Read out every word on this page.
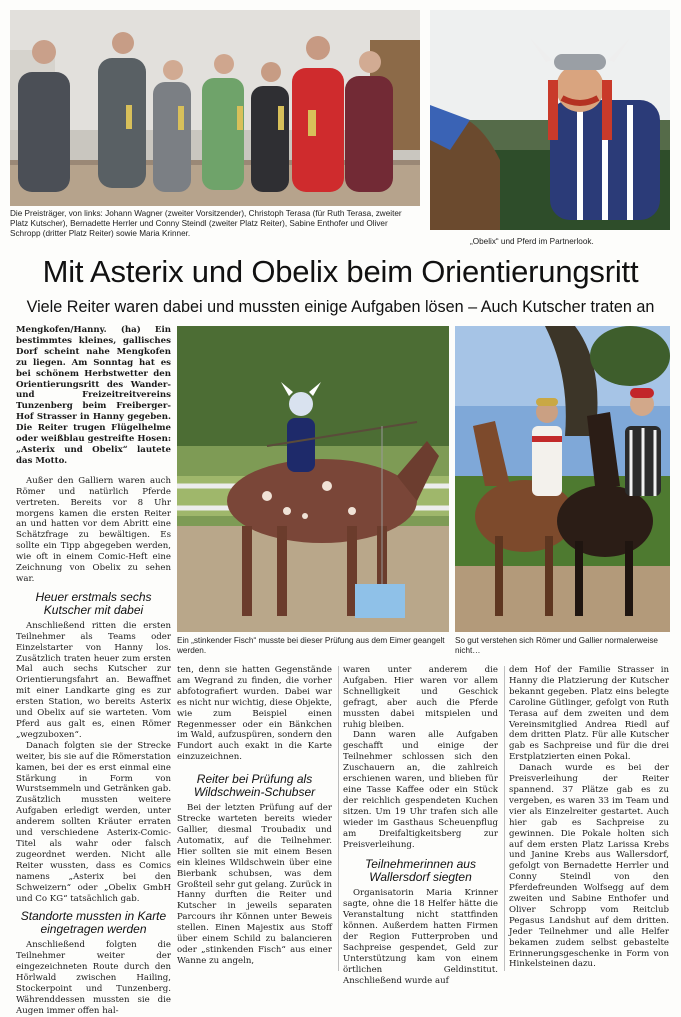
Die Preisträger, von links: Johann Wagner (zweiter Vorsitzender), Christoph Terasa (für Ruth Terasa, zweiter Platz Kutscher), Bernadette Herrler und Conny Steindl (zweiter Platz Reiter), Sabine Enthofer und Oliver Schropp (dritter Platz Reiter) sowie Maria Krinner.
„Obelix“ und Pferd im Partnerlook.
Mit Asterix und Obelix beim Orientierungsritt
Viele Reiter waren dabei und mussten einige Aufgaben lösen – Auch Kutscher traten an

Mengkofen/Hanny. (ha) Ein bestimmtes kleines, gallisches Dorf scheint nahe Mengkofen zu liegen. Am Sonntag hat es bei schönem Herbstwetter den Orientierungsritt des Wander- und Freizeitreitvereins Tunzenberg beim Freiberger-Hof Strasser in Hanny gegeben. Die Reiter trugen Flügelhelme oder weißblau gestreifte Hosen: „Asterix und Obelix“ lautete das Motto.

Außer den Galliern waren auch Römer und natürlich Pferde vertreten. Bereits vor 8 Uhr morgens kamen die ersten Reiter an und hatten vor dem Abritt eine Schätzfrage zu bewältigen. Es sollte ein Tipp abgegeben werden, wie oft in einem Comic-Heft eine Zeichnung von Obelix zu sehen war.

Heuer erstmals sechs Kutscher mit dabei

Anschließend ritten die ersten Teilnehmer als Teams oder Einzelstarter von Hanny los. Zusätzlich traten heuer zum ersten Mal auch sechs Kutscher zur Orientierungsfahrt an. Bewaffnet mit einer Landkarte ging es zur ersten Station, wo bereits Asterix und Obelix auf sie warteten. Vom Pferd aus galt es, einen Römer „wegzuboxen“.

Danach folgten sie der Strecke weiter, bis sie auf die Römerstation kamen, bei der es erst einmal eine Stärkung in Form von Wurstsemmeln und Getränken gab. Zusätzlich mussten weitere Aufgaben erledigt werden, unter anderem sollten Kräuter erraten und verschiedene Asterix-Comic-Titel als wahr oder falsch zugeordnet werden. Nicht alle Reiter wussten, dass es Comics namens „Asterix bei den Schweizern“ oder „Obelix GmbH und Co KG“ tatsächlich gab.

Standorte mussten in Karte eingetragen werden

Anschließend folgten die Teilnehmer weiter der eingezeichneten Route durch den Hörlwald zwischen Hailing, Stockerpoint und Tunzenberg. Währenddessen mussten sie die Augen immer offen hal-

Ein „stinkender Fisch“ musste bei dieser Prüfung aus dem Eimer geangelt werden.
So gut verstehen sich Römer und Gallier normalerweise nicht…

ten, denn sie hatten Gegenstände am Wegrand zu finden, die vorher abfotografiert wurden. Dabei war es nicht nur wichtig, diese Objekte, wie zum Beispiel einen Regenmesser oder ein Bänkchen im Wald, aufzuspüren, sondern den Fundort auch exakt in die Karte einzuzeichnen.

Reiter bei Prüfung als Wildschwein-Schubser

Bei der letzten Prüfung auf der Strecke warteten bereits wieder Gallier, diesmal Troubadix und Automatix, auf die Teilnehmer. Hier sollten sie mit einem Besen ein kleines Wildschwein über eine Bierbank schubsen, was dem Großteil sehr gut gelang. Zurück in Hanny durften die Reiter und Kutscher in jeweils separaten Parcours ihr Können unter Beweis stellen. Einen Majestix aus Stoff über einem Schild zu balancieren oder „stinkenden Fisch“ aus einer Wanne zu angeln,

waren unter anderem die Aufgaben. Hier waren vor allem Schnelligkeit und Geschick gefragt, aber auch die Pferde mussten dabei mitspielen und ruhig bleiben.

Dann waren alle Aufgaben geschafft und einige der Teilnehmer schlossen sich den Zuschauern an, die zahlreich erschienen waren, und blieben für eine Tasse Kaffee oder ein Stück der reichlich gespendeten Kuchen sitzen. Um 19 Uhr trafen sich alle wieder im Gasthaus Scheuenpflug am Dreifaltigkeitsberg zur Preisverleihung.

Teilnehmerinnen aus Wallersdorf siegten

Organisatorin Maria Krinner sagte, ohne die 18 Helfer hätte die Veranstaltung nicht stattfinden können. Außerdem hatten Firmen der Region Futterproben und Sachpreise gespendet, Geld zur Unterstützung kam von einem örtlichen Geldinstitut. Anschließend wurde auf

dem Hof der Familie Strasser in Hanny die Platzierung der Kutscher bekannt gegeben. Platz eins belegte Caroline Gütlinger, gefolgt von Ruth Terasa auf dem zweiten und dem Vereinsmitglied Andrea Riedl auf dem dritten Platz. Für alle Kutscher gab es Sachpreise und für die drei Erstplatzierten einen Pokal.

Danach wurde es bei der Preisverleihung der Reiter spannend. 37 Plätze gab es zu vergeben, es waren 33 im Team und vier als Einzelreiter gestartet. Auch hier gab es Sachpreise zu gewinnen. Die Pokale holten sich auf dem ersten Platz Larissa Krebs und Janine Krebs aus Wallersdorf, gefolgt von Bernadette Herrler und Conny Steindl von den Pferdefreunden Wolfsegg auf dem zweiten und Sabine Enthofer und Oliver Schropp vom Reitclub Pegasus Landshut auf dem dritten. Jeder Teilnehmer und alle Helfer bekamen zudem selbst gebastelte Erinnerungsgeschenke in Form von Hinkelsteinen dazu.
